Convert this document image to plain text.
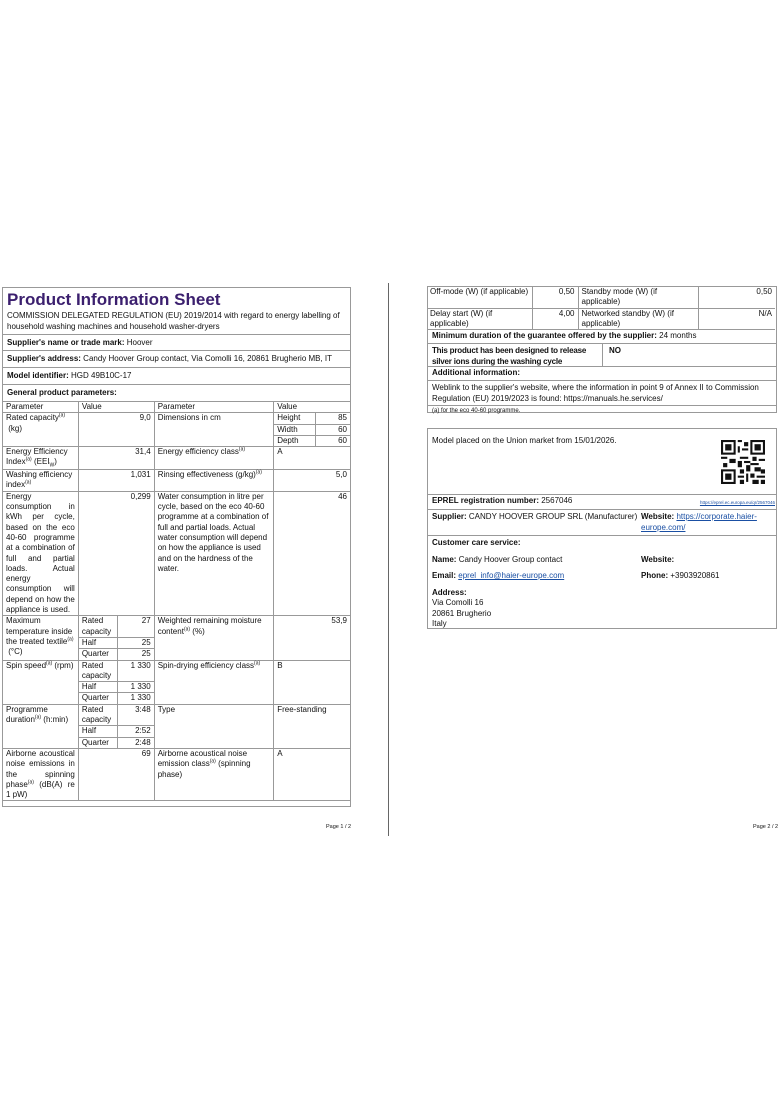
Product Information Sheet
COMMISSION DELEGATED REGULATION (EU) 2019/2014 with regard to energy labelling of household washing machines and household washer-dryers
Supplier's name or trade mark: Hoover
Supplier's address: Candy Hoover Group contact, Via Comolli 16, 20861 Brugherio MB, IT
Model identifier: HGD 49B10C-17
General product parameters:
Parameter	Value		Parameter	Value	
Rated capacity$^{(a)}$
(kg)	9,0		Dimensions in cm	Height	85
				Width	60
				Depth	60
Energy Efficiency
Index$^{(a)}$ $(EEI_W)$	31,4		Energy efficiency class$^{(a)}$	A	
Washing efficiency index$^{(a)}$	1,031		Rinsing effectiveness $(g/kg)^{(a)}$	5,0	
Energy consumption in kWh per cycle, based on the eco 40-60 programme at a combination of full and partial loads. Actual energy consumption will depend on how the appliance is used.	0,299		Water consumption in litre per cycle, based on the eco 40-60 programme at a combination of full and partial loads. Actual water consumption will depend on how the appliance is used and on the hardness of the water.	46	
Maximum temperature inside the treated textile$^{(a)}$
(°C)	Rated capacity	27	Weighted remaining moisture content$^{(a)}$ (%)	53,9	
	Half	25			
	Quarter	25			
Spin speed$^{(a)}$ (rpm)	Rated capacity	1 330	Spin-drying efficiency class$^{(a)}$	B	
	Half	1 330			
	Quarter	1 330			
Programme duration$^{(a)}$ (h:min)	Rated capacity	3:48	Type	Free-standing	
	Half	2:52			
	Quarter	2:48			
Airborne acoustical noise emissions in the spinning phase$^{(a)}$ (dB(A) re 1 pW)	69		Airborne acoustical noise emission class$^{(a)}$ (spinning phase)	A	
Page 1 / 2
Off-mode (W) (if applicable)	0,50	Standby mode (W) (if applicable)	0,50
Delay start (W) (if applicable)	4,00	Networked standby (W) (if applicable)	N/A
Minimum duration of the guarantee offered by the supplier: 24 months
This product has been designed to release silver ions during the washing cycle
NO
Additional information:
Weblink to the supplier's website, where the information in point 9 of Annex II to Commission Regulation (EU) 2019/2023 is found: https://manuals.he.services/
(a) for the eco 40-60 programme.
Model placed on the Union market from 15/01/2026.
EPREL registration number: 2567046	https://eprel.ec.europa.eu/qr/2567046
Supplier: CANDY HOOVER GROUP SRL (Manufacturer) Website: https://corporate.haier-europe.com/
Customer care service:
Name: Candy Hoover Group contact	Website:
Email: eprel_info@haier-europe.com	Phone: +3903920861
Address:
Via Comolli 16
20861 Brugherio
Italy
Page 2 / 2
